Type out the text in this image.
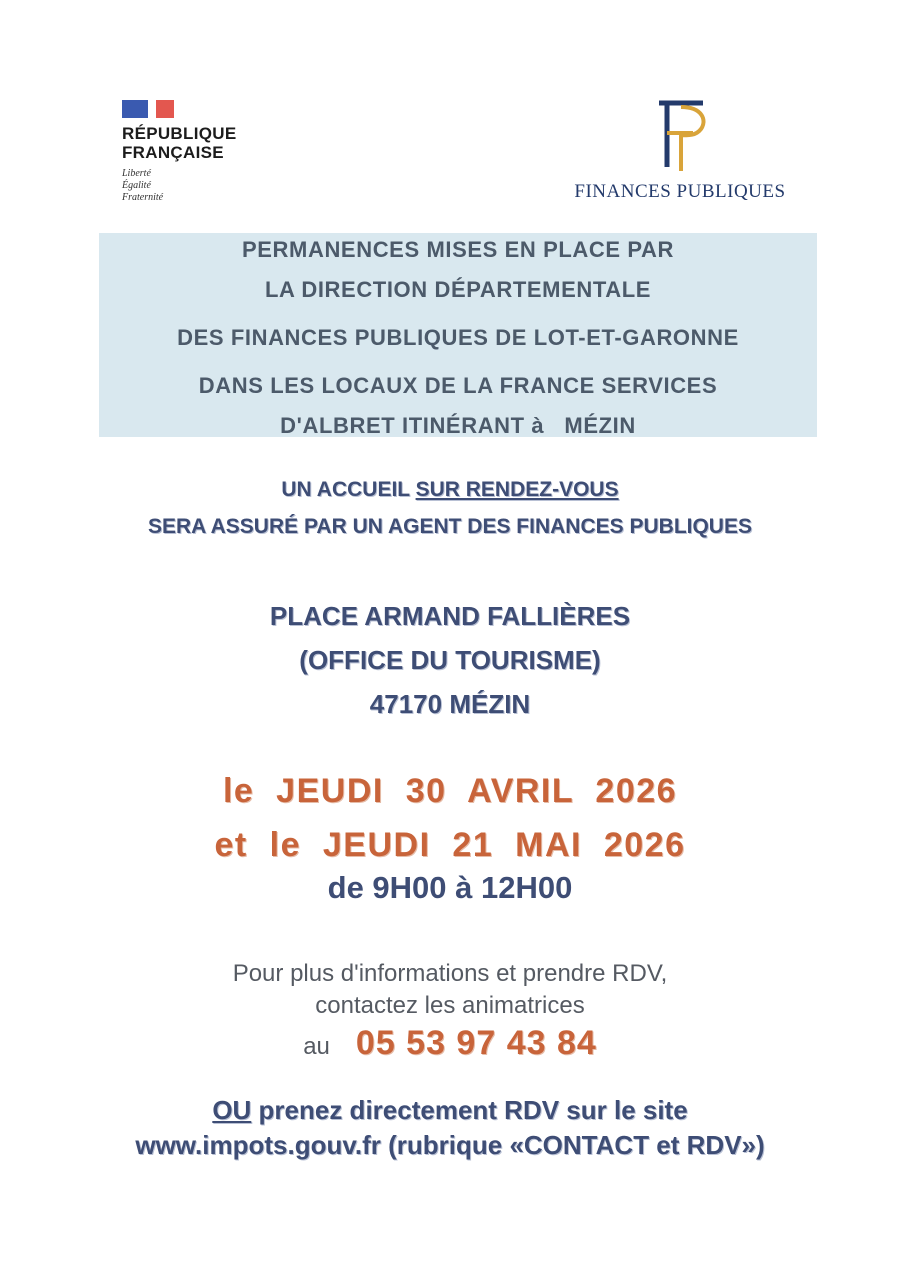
RÉPUBLIQUE
FRANÇAISE
Liberté
Égalité
Fraternité	FINANCES PUBLIQUES
PERMANENCES MISES EN PLACE PAR
LA DIRECTION DÉPARTEMENTALE
DES FINANCES PUBLIQUES DE LOT-ET-GARONNE
DANS LES LOCAUX DE LA FRANCE SERVICES
D'ALBRET ITINÉRANT à   MÉZIN
UN ACCUEIL SUR RENDEZ-VOUS
SERA ASSURÉ PAR UN AGENT DES FINANCES PUBLIQUES
PLACE ARMAND FALLIÈRES
(OFFICE DU TOURISME)
47170 MÉZIN
le  JEUDI  30  AVRIL  2026
et  le  JEUDI  21  MAI  2026
de 9H00 à 12H00
Pour plus d'informations et prendre RDV,
contactez les animatrices
au 05 53 97 43 84
OU prenez directement RDV sur le site
www.impots.gouv.fr (rubrique «CONTACT et RDV»)
